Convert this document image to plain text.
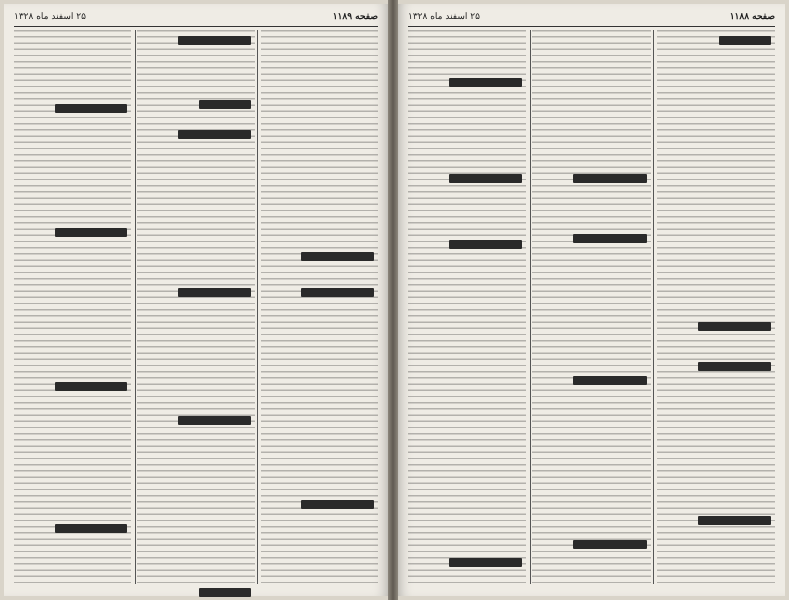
صفحه ۱۱۸۹
۲۵ اسفند ماه ۱۳۲۸	صفحه ۱۱۸۸
۲۵ اسفند ماه ۱۳۲۸
